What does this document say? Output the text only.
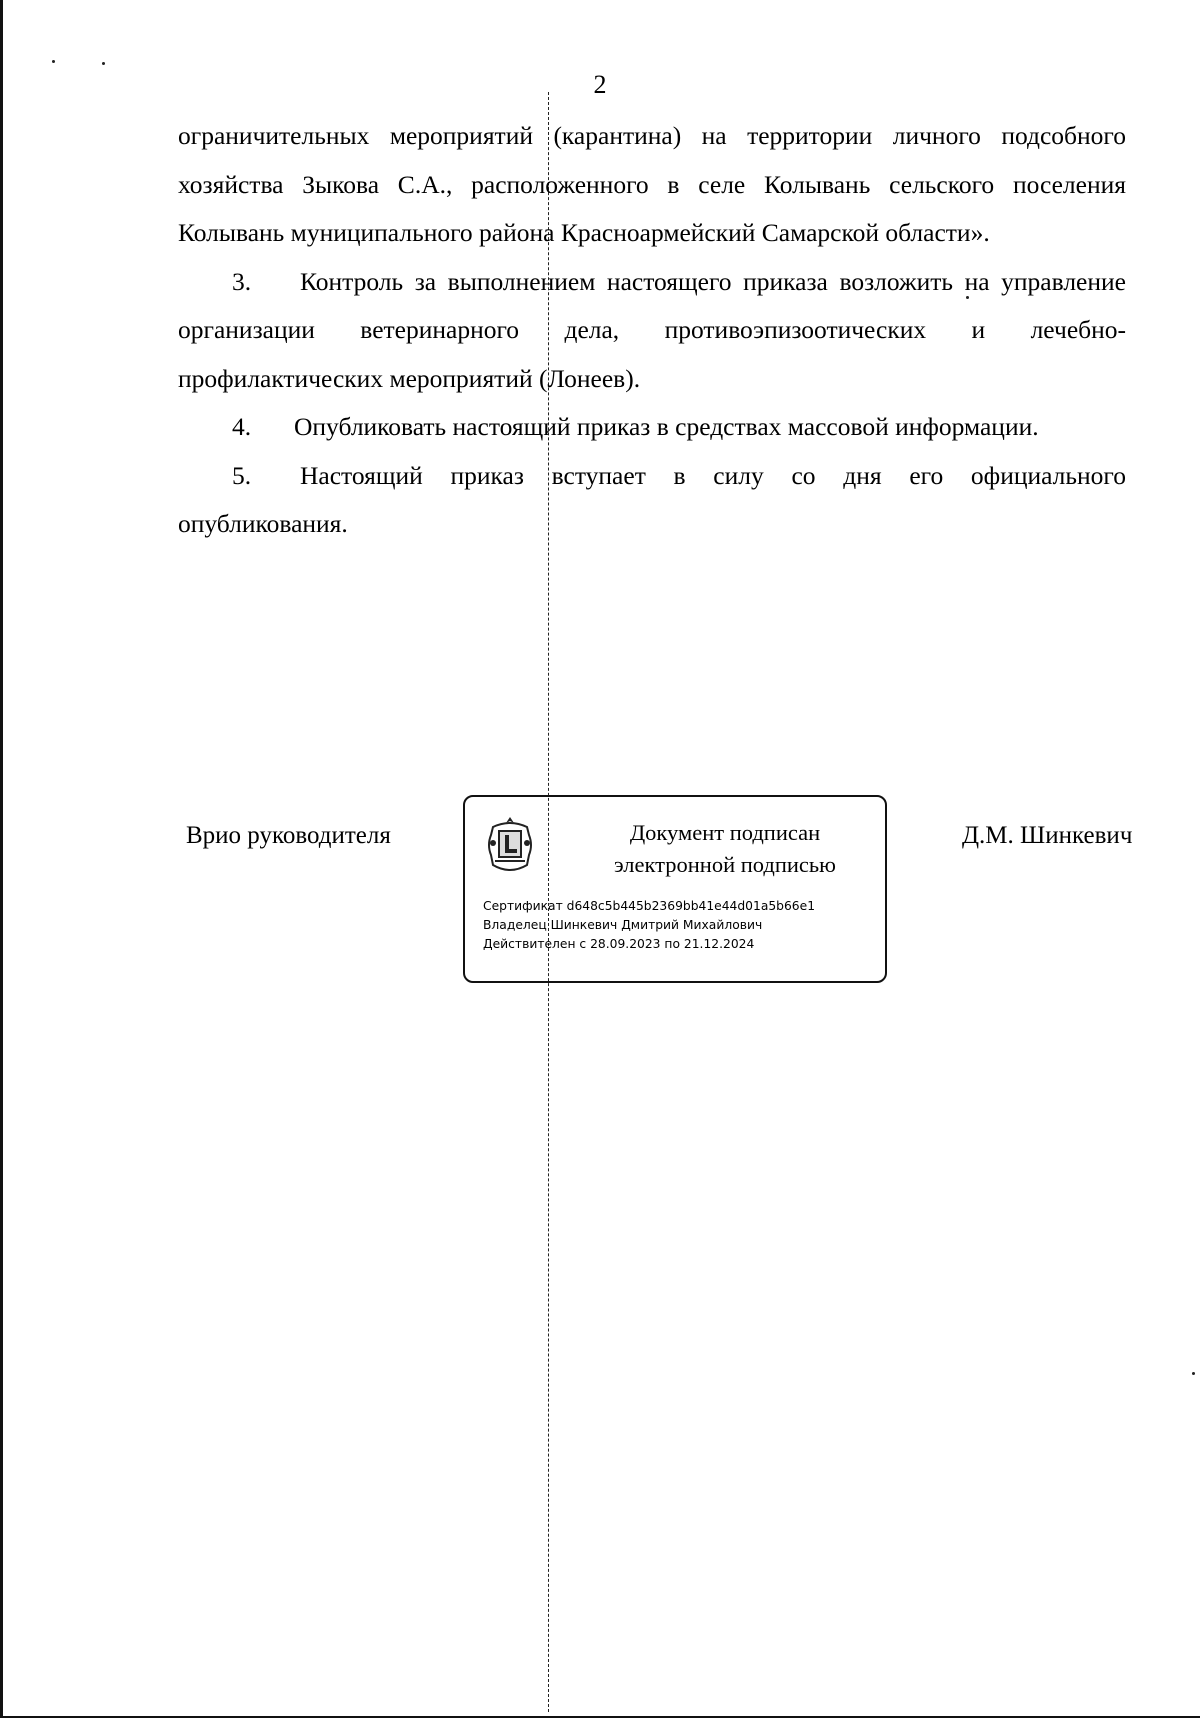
2

ограничительных мероприятий (карантина) на территории личного подсобного хозяйства Зыкова С.А., расположенного в селе Колывань сельского поселения Колывань муниципального района Красноармейский Самарской области».

3. Контроль за выполнением настоящего приказа возложить на управление организации ветеринарного дела, противоэпизоотических и лечебно-профилактических мероприятий (Лонеев).

4. Опубликовать настоящий приказ в средствах массовой информации.

5. Настоящий приказ вступает в силу со дня его официального опубликования.

Врио руководителя	Документ подписан
электронной подписью
Сертификат d648c5b445b2369bb41e44d01a5b66e1
Владелец Шинкевич Дмитрий Михайлович
Действителен с 28.09.2023 по 21.12.2024
Д.М. Шинкевич
